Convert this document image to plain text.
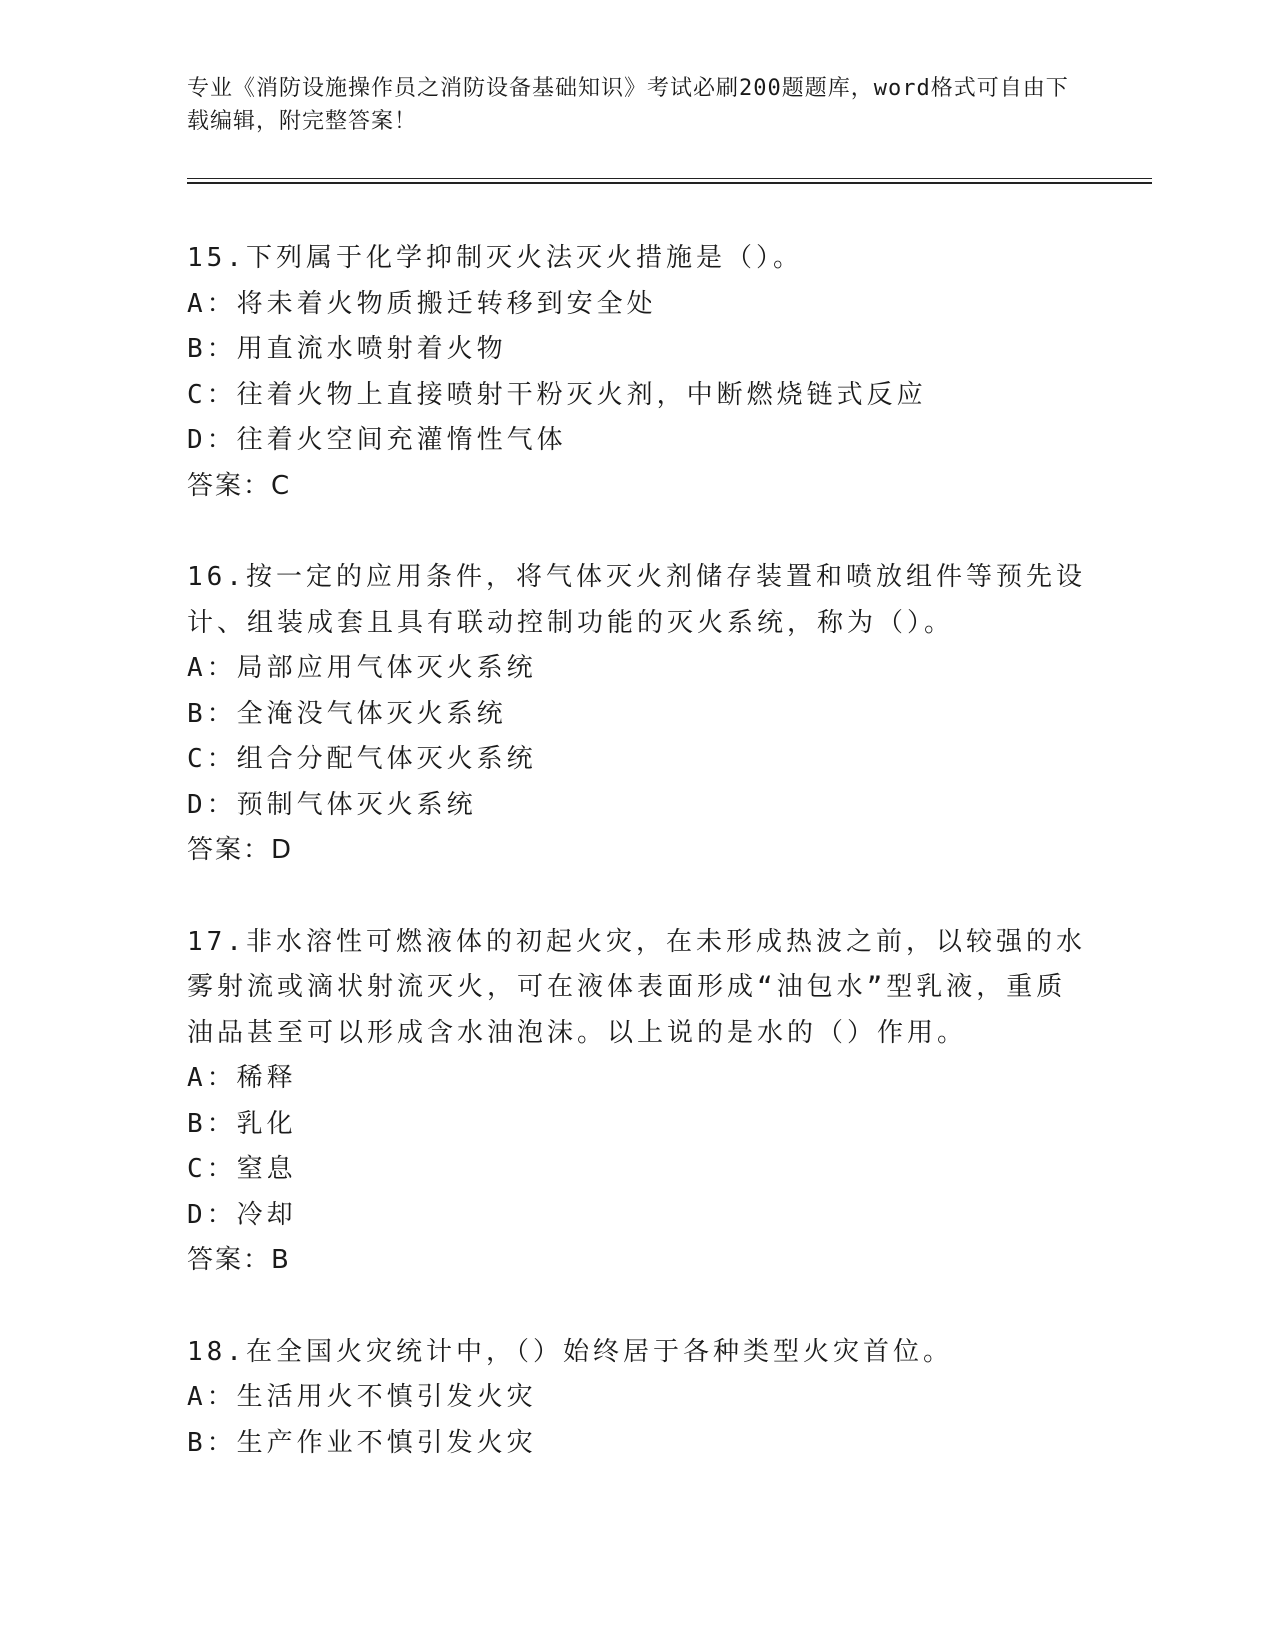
专业《消防设施操作员之消防设备基础知识》考试必刷200题题库，word格式可自由下载编辑，附完整答案！
15.下列属于化学抑制灭火法灭火措施是（）。
A：将未着火物质搬迁转移到安全处
B：用直流水喷射着火物
C：往着火物上直接喷射干粉灭火剂，中断燃烧链式反应
D：往着火空间充灌惰性气体
答案：C
16.按一定的应用条件，将气体灭火剂储存装置和喷放组件等预先设计、组装成套且具有联动控制功能的灭火系统，称为（）。
A：局部应用气体灭火系统
B：全淹没气体灭火系统
C：组合分配气体灭火系统
D：预制气体灭火系统
答案：D
17.非水溶性可燃液体的初起火灾，在未形成热波之前，以较强的水雾射流或滴状射流灭火，可在液体表面形成“油包水”型乳液，重质油品甚至可以形成含水油泡沫。以上说的是水的（）作用。
A：稀释
B：乳化
C：窒息
D：冷却
答案：B
18.在全国火灾统计中，（）始终居于各种类型火灾首位。
A：生活用火不慎引发火灾
B：生产作业不慎引发火灾
